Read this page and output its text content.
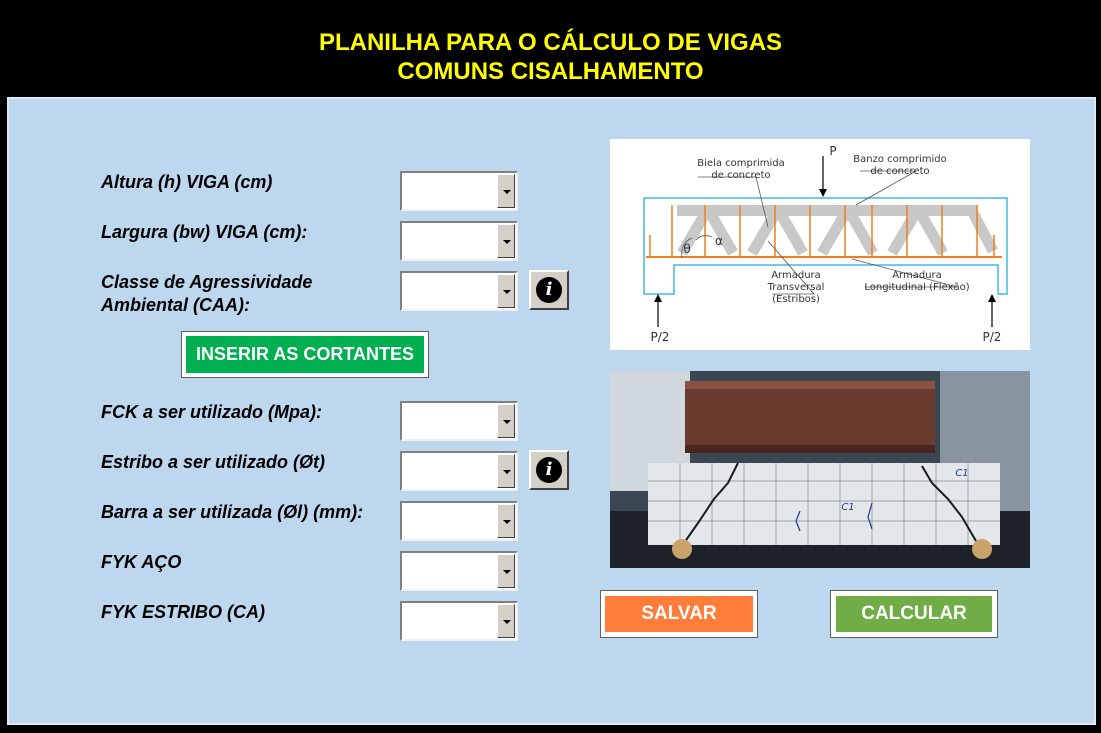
PLANILHA PARA O CÁLCULO DE VIGAS
COMUNS CISALHAMENTO
Altura (h) VIGA (cm)
Largura (bw) VIGA (cm):
Classe de Agressividade
Ambiental (CAA):
FCK a ser utilizado (Mpa):
Estribo a ser utilizado (Øt)
Barra a ser utilizada (Øl) (mm):
FYK AÇO
FYK ESTRIBO (CA)
i
i
INSERIR AS CORTANTES
SALVAR	CALCULAR
Biela comprimida
de concreto
P
Banzo comprimido
de concreto
θ
α
Armadura
Transversal
(Estribos)
Armadura
Longitudinal (Flexão)
P/2	P/2
C1
C1
